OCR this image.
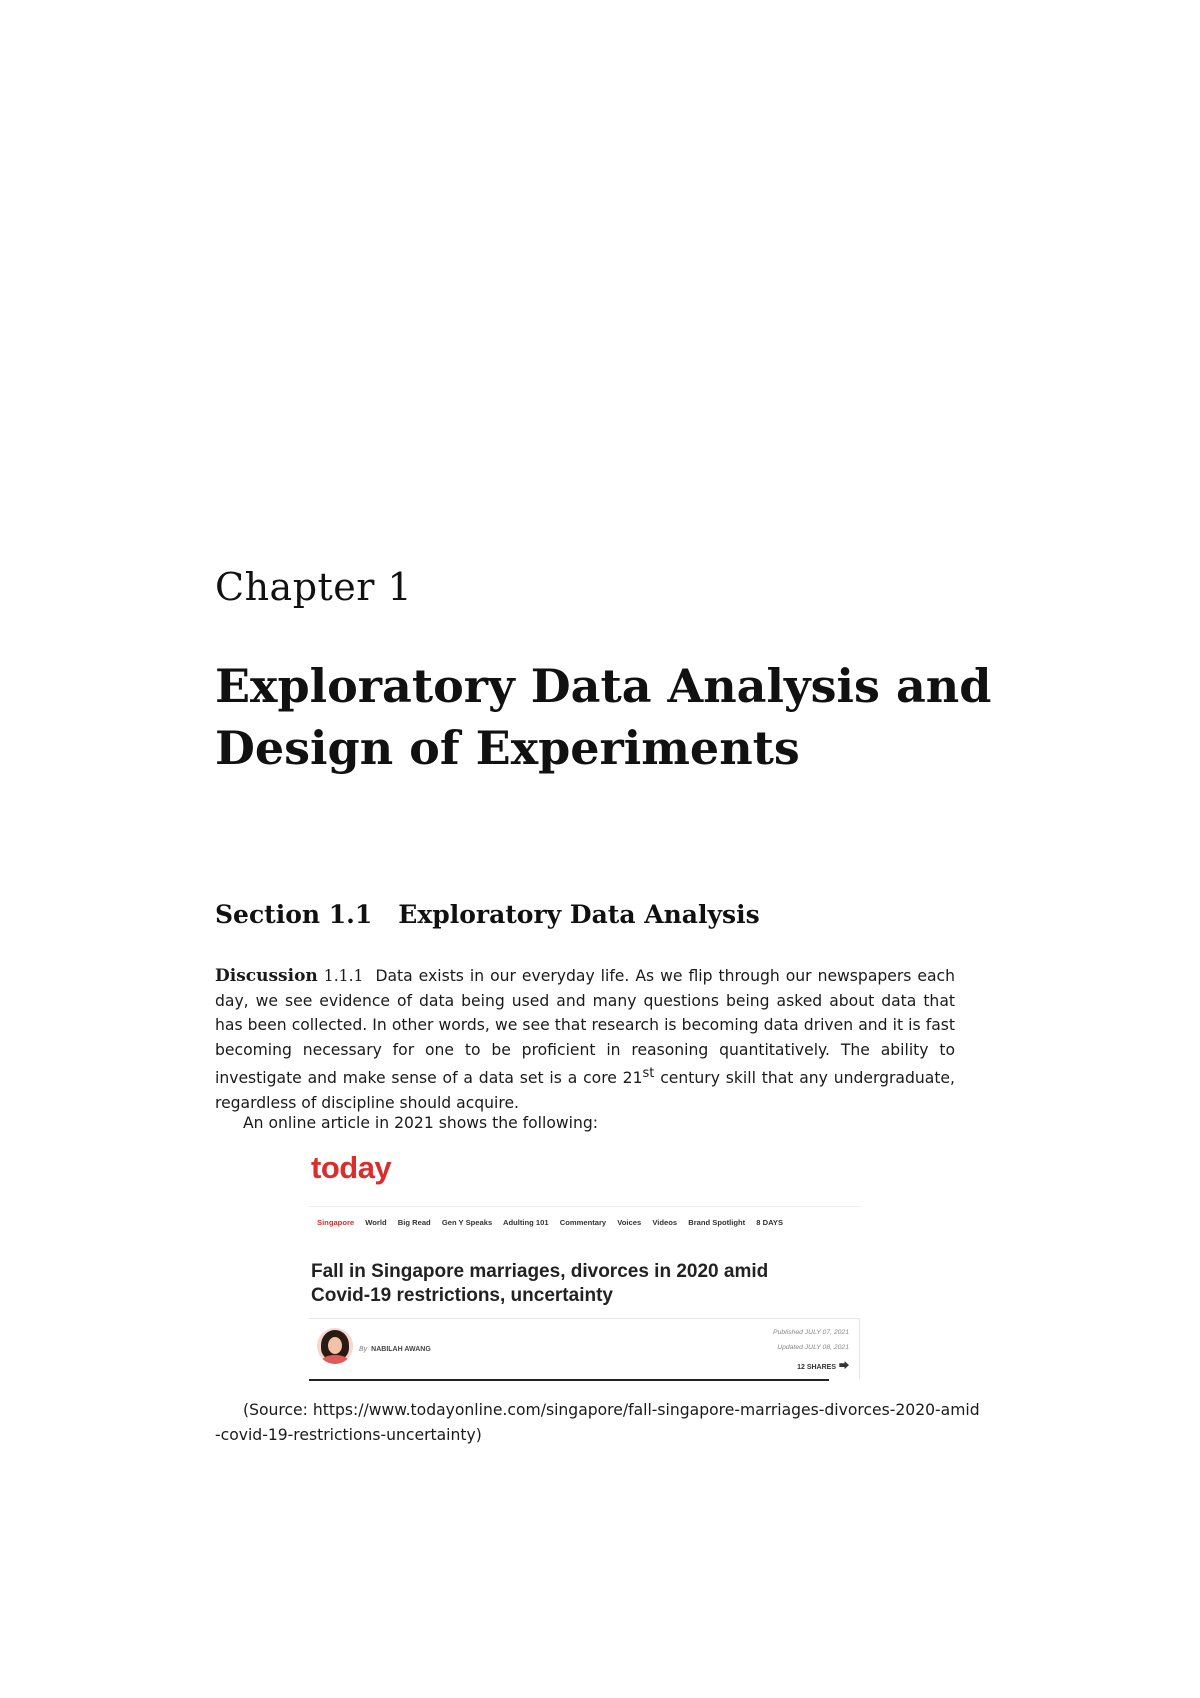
Chapter 1
Exploratory Data Analysis and Design of Experiments
Section 1.1 Exploratory Data Analysis
Discussion 1.1.1 Data exists in our everyday life. As we flip through our newspapers each day, we see evidence of data being used and many questions being asked about data that has been collected. In other words, we see that research is becoming data driven and it is fast becoming necessary for one to be proficient in reasoning quantitatively. The ability to investigate and make sense of a data set is a core 21st century skill that any undergraduate, regardless of discipline should acquire.
An online article in 2021 shows the following:
today
Singapore World Big Read Gen Y Speaks Adulting 101 Commentary Voices Videos Brand Spotlight 8 DAYS
Fall in Singapore marriages, divorces in 2020 amid Covid-19 restrictions, uncertainty
By NABILAH AWANG
Published JULY 07, 2021
Updated JULY 08, 2021
12 SHARES ⮕
(Source: https://www.todayonline.com/singapore/fall-singapore-marriages-divorces-2020-amid-covid-19-restrictions-uncertainty)
